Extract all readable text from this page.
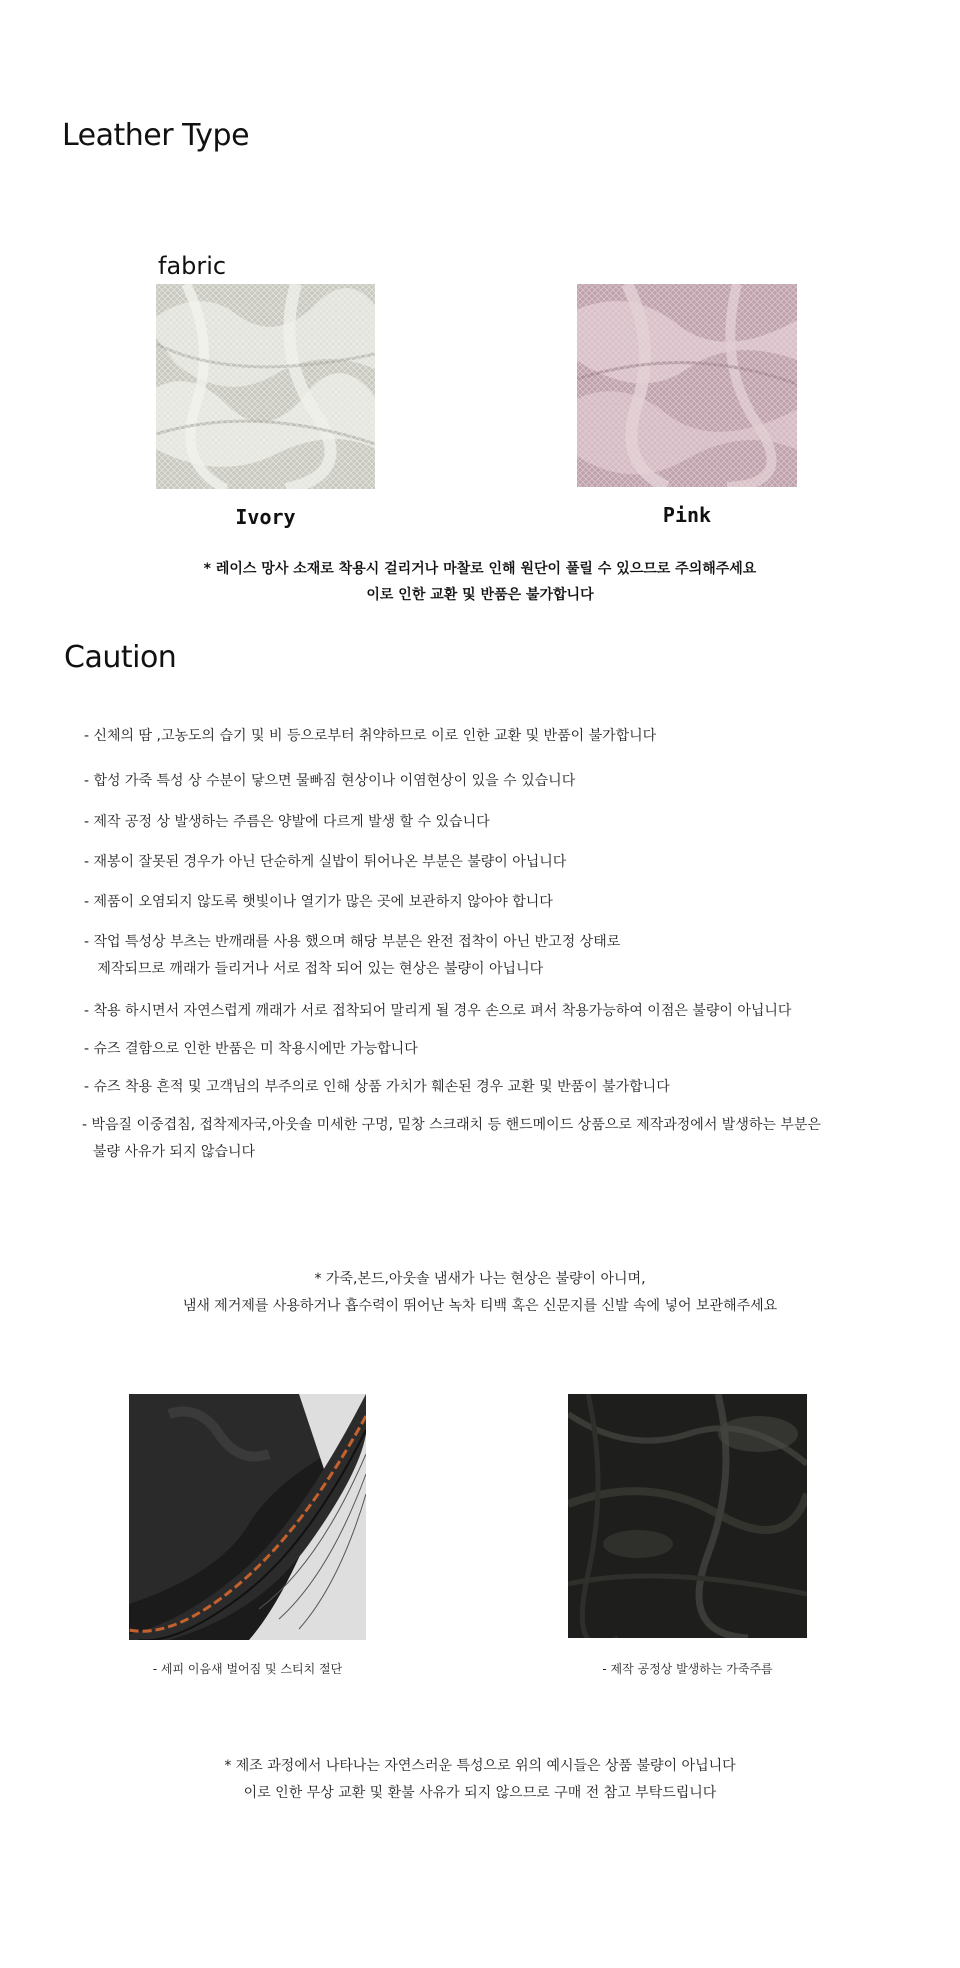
Leather Type
fabric
Ivory	Pink
* 레이스 망사 소재로 착용시 걸리거나 마찰로 인해 원단이 풀릴 수 있으므로 주의해주세요
이로 인한 교환 및 반품은 불가합니다
Caution
- 신체의 땀 ,고농도의 습기 및 비 등으로부터 취약하므로 이로 인한 교환 및 반품이 불가합니다
- 합성 가죽 특성 상 수분이 닿으면 물빠짐 현상이나 이염현상이 있을 수 있습니다
- 제작 공정 상 발생하는 주름은 양발에 다르게 발생 할 수 있습니다
- 재봉이 잘못된 경우가 아닌 단순하게 실밥이 튀어나온 부분은 불량이 아닙니다
- 제품이 오염되지 않도록 햇빛이나 열기가 많은 곳에 보관하지 않아야 합니다
- 작업 특성상 부츠는 반깨래를 사용 했으며 해당 부분은 완전 접착이 아닌 반고정 상태로
제작되므로 깨래가 들리거나 서로 접착 되어 있는 현상은 불량이 아닙니다
- 착용 하시면서 자연스럽게 깨래가 서로 접착되어 말리게 될 경우 손으로 펴서 착용가능하여 이점은 불량이 아닙니다
- 슈즈 결함으로 인한 반품은 미 착용시에만 가능합니다
- 슈즈 착용 흔적 및 고객님의 부주의로 인해 상품 가치가 훼손된 경우 교환 및 반품이 불가합니다
- 박음질 이중겹침, 접착제자국,아웃솔 미세한 구멍, 밑창 스크래치 등 핸드메이드 상품으로 제작과정에서 발생하는 부분은
불량 사유가 되지 않습니다
* 가죽,본드,아웃솔 냄새가 나는 현상은 불량이 아니며,
냄새 제거제를 사용하거나 흡수력이 뛰어난 녹차 티백 혹은 신문지를 신발 속에 넣어 보관해주세요
- 세피 이음새 벌어짐 및 스티치 절단	- 제작 공정상 발생하는 가죽주름
* 제조 과정에서 나타나는 자연스러운 특성으로 위의 예시들은 상품 불량이 아닙니다
이로 인한 무상 교환 및 환불 사유가 되지 않으므로 구매 전 참고 부탁드립니다
